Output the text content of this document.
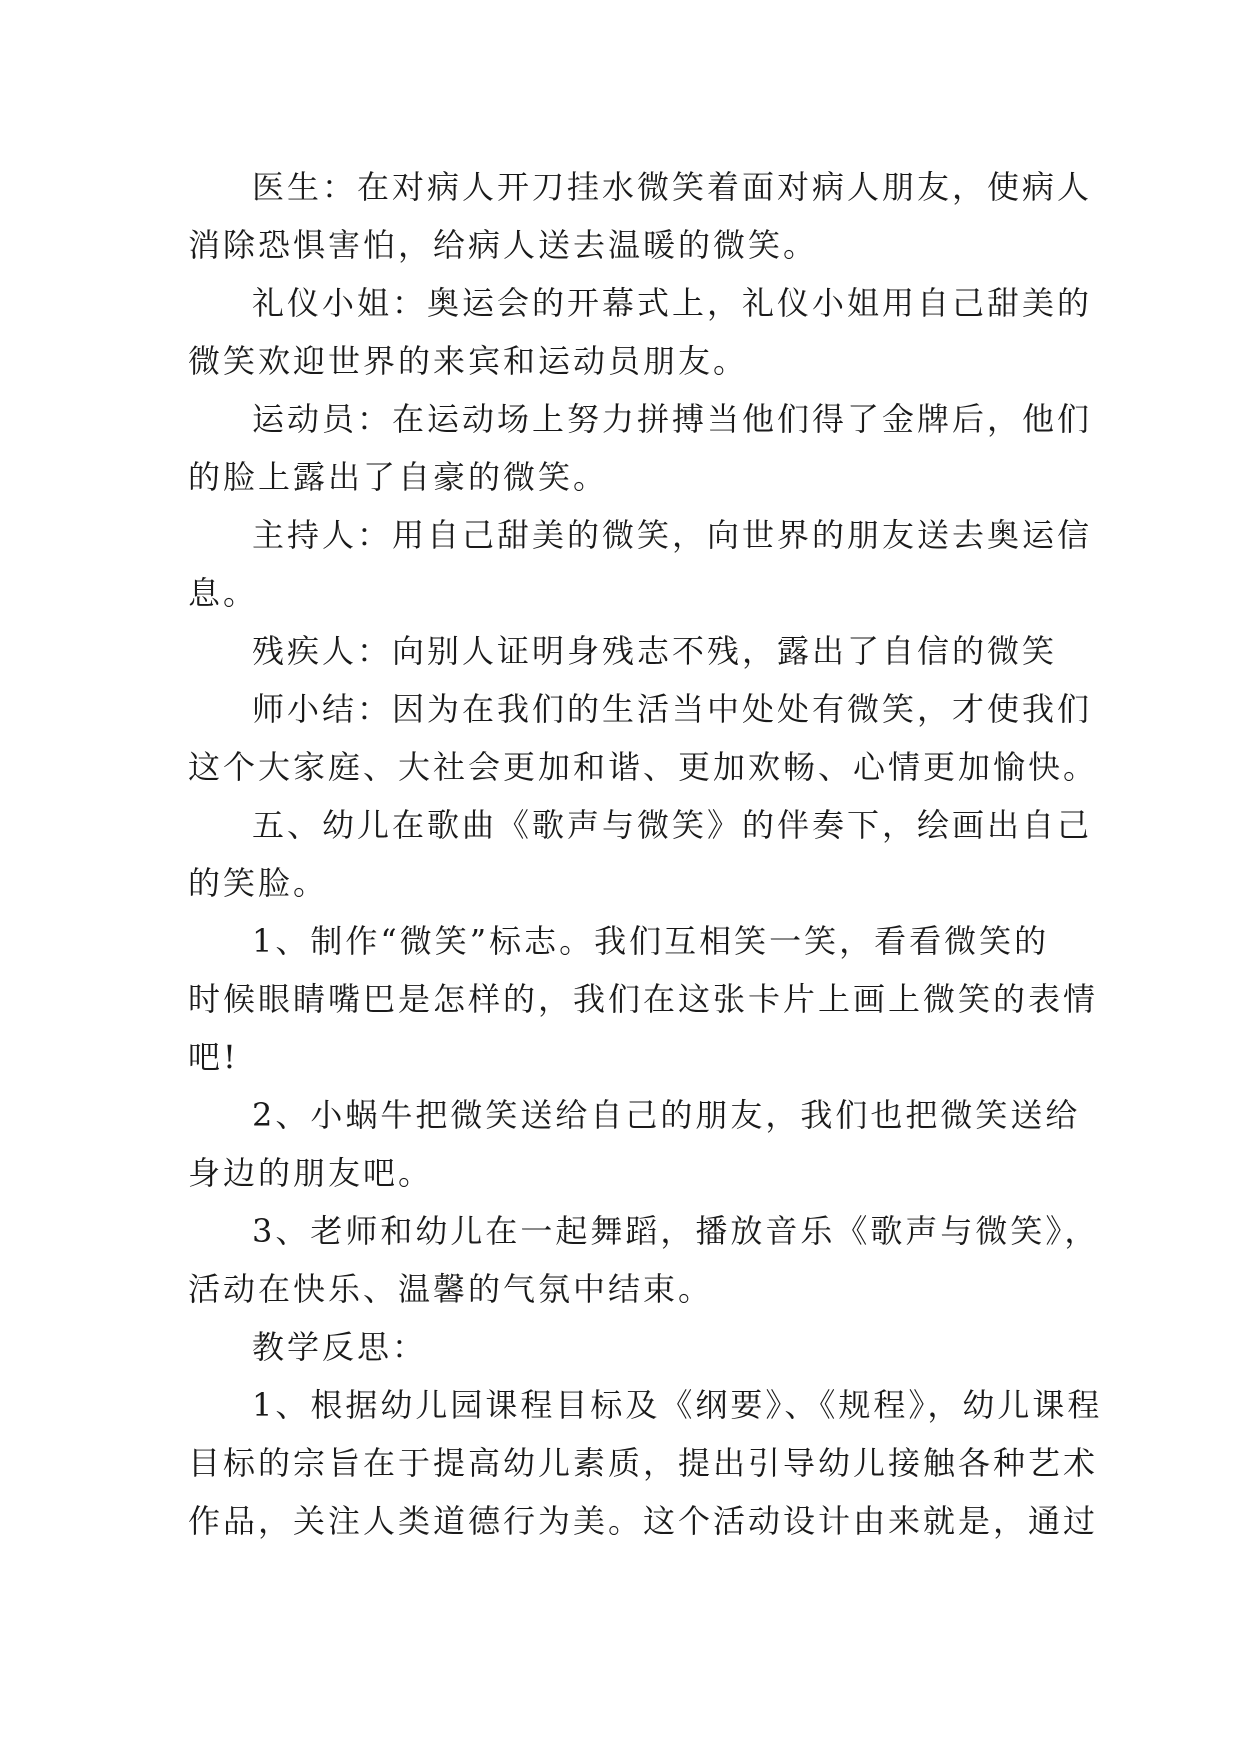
医生：在对病人开刀挂水微笑着面对病人朋友，使病人
消除恐惧害怕，给病人送去温暖的微笑。

礼仪小姐：奥运会的开幕式上，礼仪小姐用自己甜美的
微笑欢迎世界的来宾和运动员朋友。

运动员：在运动场上努力拼搏当他们得了金牌后，他们
的脸上露出了自豪的微笑。

主持人：用自己甜美的微笑，向世界的朋友送去奥运信
息。

残疾人：向别人证明身残志不残，露出了自信的微笑

师小结：因为在我们的生活当中处处有微笑，才使我们
这个大家庭、大社会更加和谐、更加欢畅、心情更加愉快。

五、幼儿在歌曲《歌声与微笑》的伴奏下，绘画出自己
的笑脸。

1、制作“微笑”标志。我们互相笑一笑，看看微笑的
时候眼睛嘴巴是怎样的，我们在这张卡片上画上微笑的表情
吧!

2、小蜗牛把微笑送给自己的朋友，我们也把微笑送给
身边的朋友吧。

3、老师和幼儿在一起舞蹈，播放音乐《歌声与微笑》，
活动在快乐、温馨的气氛中结束。

教学反思：

1、根据幼儿园课程目标及《纲要》、《规程》，幼儿课程
目标的宗旨在于提高幼儿素质，提出引导幼儿接触各种艺术
作品，关注人类道德行为美。这个活动设计由来就是，通过
